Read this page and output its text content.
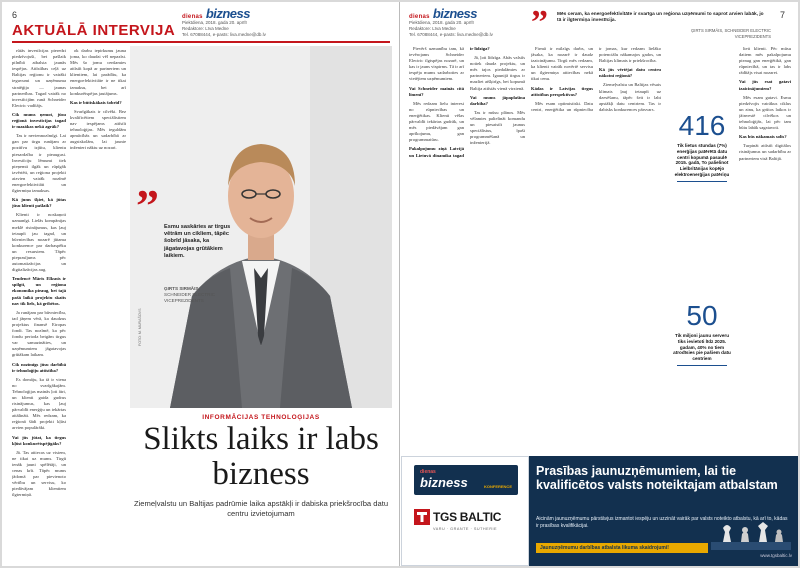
6	dienas bizness
Piektdiena, 2018. gada 20. aprīlī
Redaktore: Līva Medne
Tel. 67088444, e-pasts: liva.medne@db.lv
AKTUĀLĀ INTERVIJA

rūtās investīcijas pieredzi piedzīvojuši, bet pašlaik pilnībā atbalsta jaunās iespējas. Attīstības ceļā uz Baltijas reģionu ir vairāki ieguvumi un uzņēmuma stratēģija — jaunas partnerības. Tagad vairāk no investīcijām runā Schneider Electric vadītājs.

Cik mums ņemot, jūsu reģionā investīcijas tagad ir mazākas nekā agrāk?

Tas ir neviennozīmīgi. Lai gan par tirgu runājam ar pozitīvu izjūtu, klientu piesardzība ir pieaugusi. Investīciju lēmumi tiek pieņemti ilgāk un rūpīgāk izvērtēti, un reģiona projekti aizvien vairāk nozīmē energoefektivitāti un ilgtermiņa izmaksas.

Kā jums šķiet, kā jūtas jūsu klienti pašlaik?

Klienti ir noskaņoti uzmanīgi. Lielās kompānijas meklē risinājumus, kas ļauj ietaupīt jau tagad, un būvniecības nozarē jūtama konkurence par darbaspēku un resursiem. Tāpēc pieprasījums pēc automatizācijas un digitalizācijas aug.

Tendencē Māris Elksnis ir spilgti, un reģiona ekonomika pieaug, bet tajā pašā laikā projektu skaits nav tik liels, kā gribētos.

Ja runājam par būvniecību, tad jāņem vērā, ka daudzus projektus finansē Eiropas fondi. Tas nozīmē, ka pēc fondu perioda beigām tirgus var samazināties, un uzņēmumiem jāgatavojas grūtākam laikam.

Cik nozīmīgs jūsu darbībā ir tehnoloģiju attīstība?

Es domāju, ka tā ir viena no svarīgākajām. Tehnoloģijas mainās ļoti ātri, un klienti gaida gudrus risinājumus, kas ļauj pārvaldīt enerģiju un iekārtas attālināti. Mēs redzam, ka reģionā šādi projekti kļūst arvien populārāki.

Vai jūs jūtat, ka tirgus kļūst konkurētspējīgāks?

Jā. Tas attiecas uz visiem, ne tikai uz mums. Tirgū ienāk jauni spēlētāji, un cenas krīt. Tāpēc mums jādomā par pievienoto vērtību un servisu, ko piedāvājam klientiem ilgtermiņā.

ok darbu iepirkumu jauna joma, ko daudzi vēl nepazīst. Mēs šo jomu cenšamies attīstīt kopā ar partneriem un klientiem, lai parādītu, ka energoefektivitāte ir ne tikai izmaksu, bet arī konkurētspējas jautājums.

Kas ir būtiskākais šobrīd?

Svarīgākais ir cilvēki. Bez kvalificētiem speciālistiem nav iespējams attīstīt tehnoloģijas. Mēs ieguldām apmācībās un sadarbībā ar augstskolām, lai jaunie inženieri nāktu uz nozari.

” Esmu saskāries ar tirgus vētrām un cikliem, tāpēc šobrīd jāsaka, ka jāgatavojas grūtākiem laikiem.
ĢIRTS SIRMĀIS,
SCHNEIDER ELECTRIC VICEPREZIDENTS
FOTO: M. MURAŠOVS
INFORMĀCIJAS TEHNOLOĢIJAS
Slikts laiks ir labs
bizness
Ziemeļvalstu un Baltijas padrūmie laika apstākļi ir dabiska priekšrocība datu centru izvietojumam
7
dienas bizness
Piektdiena, 2018. gada 20. aprīlī
Redaktore: Līva Medne
Tel. 67088444, e-pasts: liva.medne@db.lv ” Mēs ceram, ka energoefektivitāte ir svarīga un reģiona uzņēmumi to saprot arvien labāk, jo tā ir ilgtermiņa investīcija.
ĢIRTS SIRMĀIS, SCHNEIDER ELECTRIC VICEPREZIDENTS

Pievērš uzmanību tam, kā ievērojams Schneider Electric ilgtspējas nozarē, un kas ir jauns vispirms. Tā ir arī iespēja mums sadarboties ar vietējiem uzņēmumiem.

Vai Schneider mainās citā līmenī?

Mēs redzam lielu interesi no rūpniecības un enerģētikas. Klienti vēlas pārvaldīt iekārtas gudrāk, un mēs piedāvājam gan aprīkojumu, gan programmatūru.

Pakalpojumu ziņā Latvijā un Lietuvā dinamika tagad ir līdzīga?

Jā, ļoti līdzīga. Abās valstīs notiek daudz projektu, un mēs tajos piedalāmies ar partneriem. Igaunijā tirgus ir mazliet atšķirīgs, bet kopumā Baltija attīstās vienā virzienā.

Vai mums jāpaplašina darbība?

Tas ir mūsu plānos. Mēs vēlamies palielināt komandu un piesaistīt jaunus speciālistus, īpaši programmēšanā un inženierijā.

Firmā ir milzīgs darbs, un jāsaka, ka nozarē ir daudz izaicinājumu. Tirgū mēs redzam, ka klienti vairāk novērtē servisu un ilgtermiņa attiecības nekā tikai cenu.

Kādas ir Latvijas tirgus attīstības perspektīvas?

Mēs esam optimistiski. Datu centri, enerģētika un rūpniecība ir jomas, kur redzam lielāko potenciālu nākamajos gados, un Baltijas klimats ir priekšrocība.

Kā jūs vērtējat datu centru nākotni reģionā?

Ziemeļvalstu un Baltijas vēsais klimats ļauj ietaupīt uz dzesēšanu, tāpēc šeit ir labi apstākļi datu centriem. Tas ir dabisks konkurences pārsvars.

lieti klienti. Pēc mūsu datiem mēs pakalpojumu pieaug gan enerģētikā, gan rūpniecībā, un tas ir labs rādītājs visai nozarei.

Vai jūs esat gatavi izaicinājumiem?

Mēs esam gatavi. Esmu piedzīvojis vairākus ciklus un zinu, ka grūtos laikos ir jāinvestē cilvēkos un tehnoloģijās, lai pēc tam būtu labāk sagatavoti.

Kas būs nākamais solis?

Turpināt attīstīt digitālos risinājumus un sadarbību ar partneriem visā Baltijā.

416
Tik lietus stundas (7%) enerģijas patērētā datu centri kopumā pasaulē 2015. gadā, To palielinot Lielbritānijas kopējo elektroenerģijas patēriņu
50
Tik miljoni jaunu serveru tiks ievietoti līdz 2025. gadam, 40% no tiem atrodīsies pie pašiem datu centriem
dienas
bizness	KONFERENCE
TGS BALTIC
VARU · GRANTE · SUTHERIE
Prasības jaunuzņēmumiem, lai tie kvalificētos valsts noteiktajam atbalstam
Aicinām jaunuzņēmumu pārstāvjus izmantot iespēju un uzzināt vairāk par valsts noteikto atbalstu, kā arī to, kādas ir prasības kvalifikācijai.
Jaunuzņēmumu darbības atbalsta likuma skaidrojumi!
www.tgsbaltic.lv
